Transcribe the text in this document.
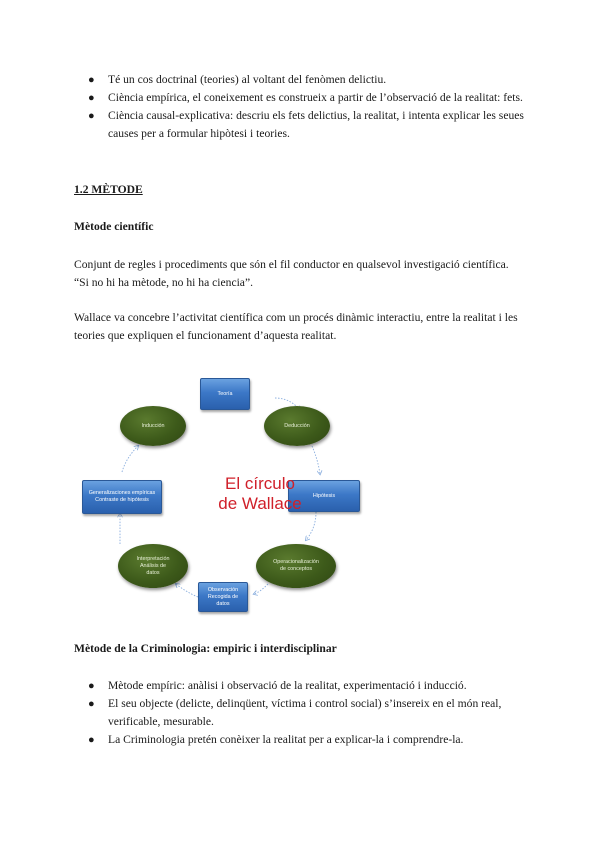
● Té un cos doctrinal (teories) al voltant del fenòmen delictiu.
● Ciència empírica, el coneixement es construeix a partir de l’observació de la realitat: fets.
● Ciència causal-explicativa: descriu els fets delictius, la realitat, i intenta explicar les seues
causes per a formular hipòtesi i teories.
1.2 MÈTODE
Mètode científic
Conjunt de regles i procediments que són el fil conductor en qualsevol investigació científica.
“Si no hi ha mètode, no hi ha ciencia”.
Wallace va concebre l’activitat científica com un procés dinàmic interactiu, entre la realitat i les
teories que expliquen el funcionament d’aquesta realitat.
Teoría
Inducción	Deducción
Hipótesis
Generalizaciones empíricas
Contraste de hipótesis
El círculo
de Wallace
Interpretación
Análisis de
datos
Operacionalización
de conceptos
Observación
Recogida de
datos
Mètode de la Criminologia: empiric i interdisciplinar
● Mètode empíric: anàlisi i observació de la realitat, experimentació i inducció.
● El seu objecte (delicte, delinqüent, víctima i control social) s’insereix en el món real,
verificable, mesurable.
● La Criminologia pretén conèixer la realitat per a explicar-la i comprendre-la.
